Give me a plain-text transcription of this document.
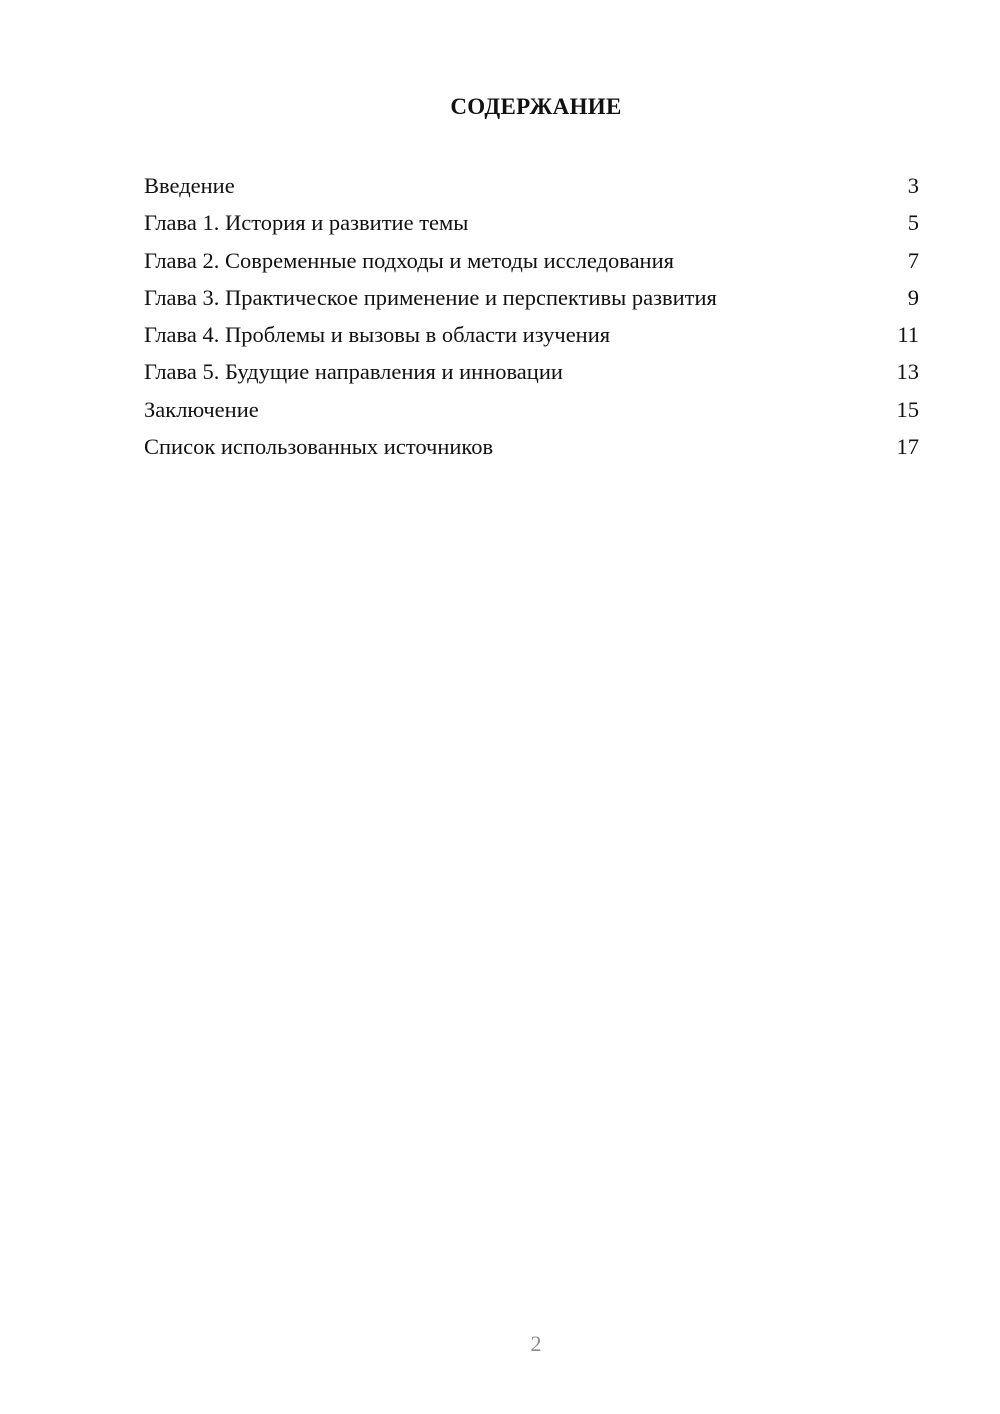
СОДЕРЖАНИЕ
Введение	3
Глава 1. История и развитие темы	5
Глава 2. Современные подходы и методы исследования	7
Глава 3. Практическое применение и перспективы развития	9
Глава 4. Проблемы и вызовы в области изучения	11
Глава 5. Будущие направления и инновации	13
Заключение	15
Список использованных источников	17
2
